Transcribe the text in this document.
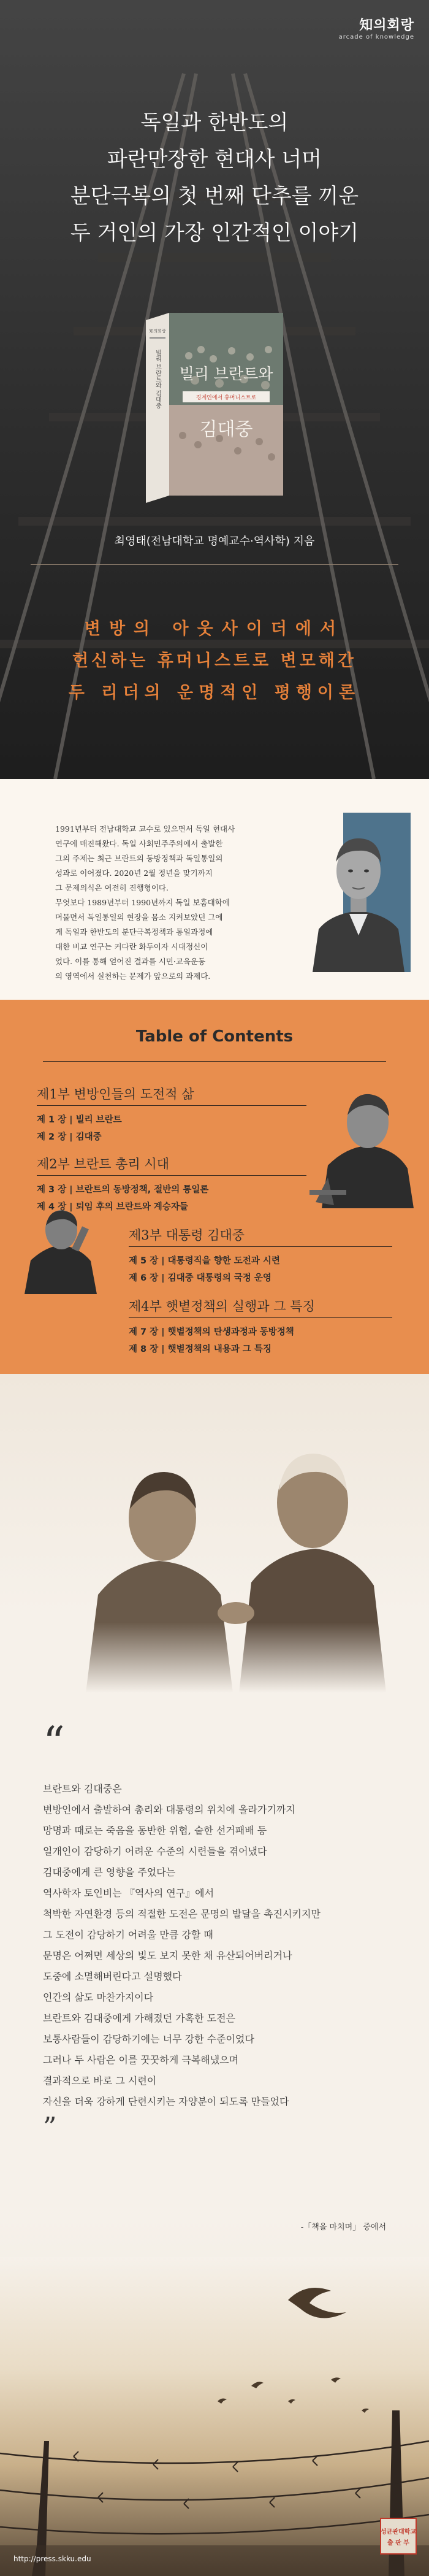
知의회랑
arcade of knowledge
독일과 한반도의
파란만장한 현대사 너머
분단극복의 첫 번째 단추를 끼운
두 거인의 가장 인간적인 이야기
빌리 브란트와
경계인에서 휴머니스트로
김대중
知의회랑
빌리 브란트와 김대중
최영태(전남대학교 명예교수·역사학) 지음
변방의 아웃사이더에서
헌신하는 휴머니스트로 변모해간
두 리더의 운명적인 평행이론
1991년부터 전남대학교 교수로 있으면서 독일 현대사
연구에 매진해왔다. 독일 사회민주주의에서 출발한
그의 주제는 최근 브란트의 동방정책과 독일통일의
성과로 이어졌다. 2020년 2월 정년을 맞기까지
그 문제의식은 여전히 진행형이다.
무엇보다 1989년부터 1990년까지 독일 보훔대학에
머물면서 독일통일의 현장을 몸소 지켜보았던 그에
게 독일과 한반도의 분단극복정책과 통일과정에
대한 비교 연구는 커다란 화두이자 시대정신이
었다. 이를 통해 얻어진 결과를 시민·교육운동
의 영역에서 실천하는 문제가 앞으로의 과제다.
Table of Contents
제1부 변방인들의 도전적 삶
제 1 장 | 빌리 브란트
제 2 장 | 김대중
제2부 브란트 총리 시대
제 3 장 | 브란트의 동방정책, 절반의 통일론
제 4 장 | 퇴임 후의 브란트와 계승자들
제3부 대통령 김대중
제 5 장 | 대통령직을 향한 도전과 시련
제 6 장 | 김대중 대통령의 국정 운영
제4부 햇볕정책의 실행과 그 특징
제 7 장 | 햇볕정책의 탄생과정과 동방정책
제 8 장 | 햇볕정책의 내용과 그 특징
“
브란트와 김대중은
변방인에서 출발하여 총리와 대통령의 위치에 올라가기까지
망명과 때로는 죽음을 동반한 위협, 숱한 선거패배 등
일개인이 감당하기 어려운 수준의 시련들을 겪어냈다
김대중에게 큰 영향을 주었다는
역사학자 토인비는 『역사의 연구』에서
척박한 자연환경 등의 적절한 도전은 문명의 발달을 촉진시키지만
그 도전이 감당하기 어려울 만큼 강할 때
문명은 어쩌면 세상의 빛도 보지 못한 채 유산되어버리거나
도중에 소멸해버린다고 설명했다
인간의 삶도 마찬가지이다
브란트와 김대중에게 가해졌던 가혹한 도전은
보통사람들이 감당하기에는 너무 강한 수준이었다
그러나 두 사람은 이를 꿋꿋하게 극복해냈으며
결과적으로 바로 그 시련이
자신을 더욱 강하게 단련시키는 자양분이 되도록 만들었다
”
-「책을 마치며」 중에서
http://press.skku.edu
성균관대학교
출 판 부
